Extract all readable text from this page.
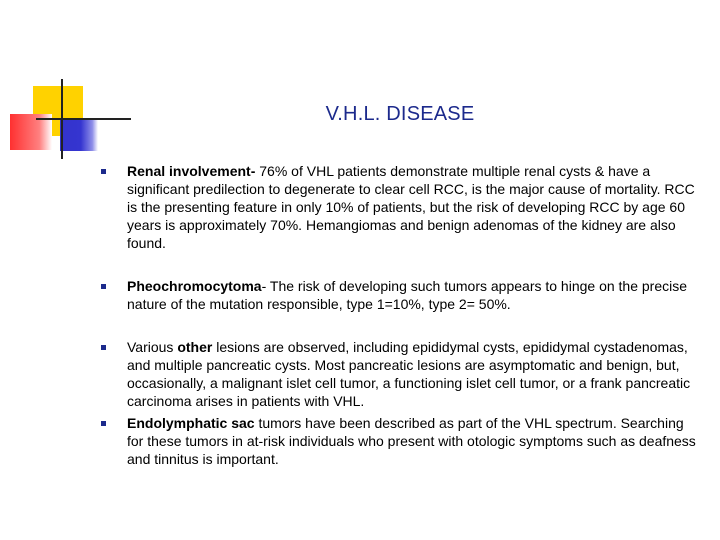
V.H.L. DISEASE
Renal involvement- 76% of VHL patients demonstrate multiple renal cysts & have a significant predilection to degenerate to clear cell RCC, is the major cause of mortality. RCC is the presenting feature in only 10% of patients, but the risk of developing RCC by age 60 years is approximately 70%. Hemangiomas and benign adenomas of the kidney are also found.
Pheochromocytoma- The risk of developing such tumors appears to hinge on the precise nature of the mutation responsible, type 1=10%, type 2= 50%.
Various other lesions are observed, including epididymal cysts, epididymal cystadenomas, and multiple pancreatic cysts. Most pancreatic lesions are asymptomatic and benign, but, occasionally, a malignant islet cell tumor, a functioning islet cell tumor, or a frank pancreatic carcinoma arises in patients with VHL.
Endolymphatic sac tumors have been described as part of the VHL spectrum. Searching for these tumors in at-risk individuals who present with otologic symptoms such as deafness and tinnitus is important.
